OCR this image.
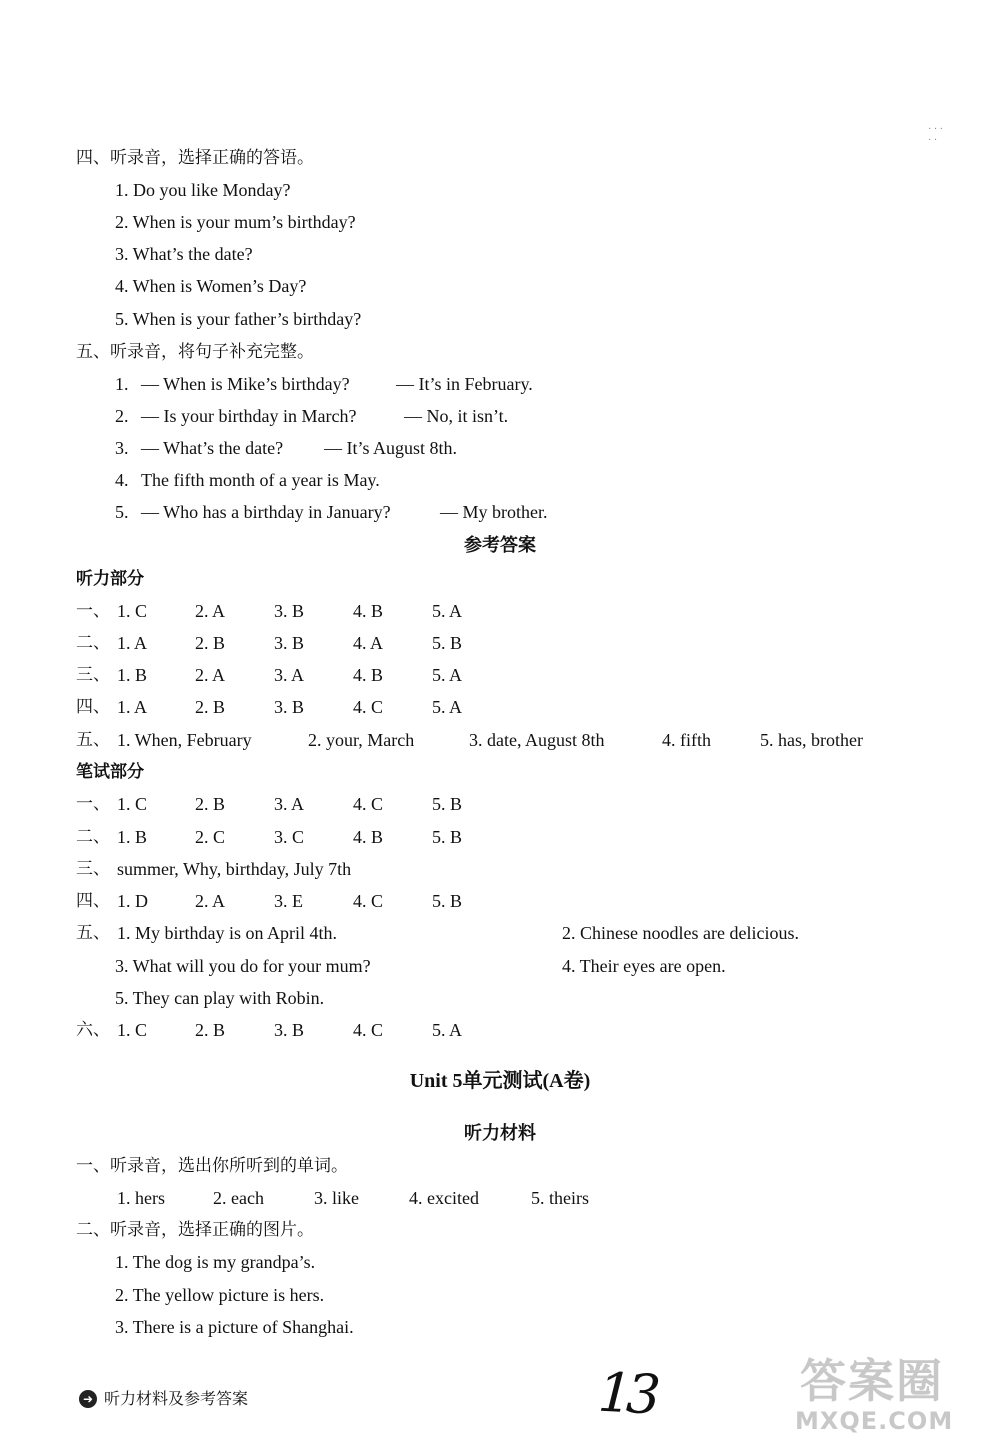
· · ·
· ·
四、听录音，选择正确的答语。
1. Do you like Monday?
2. When is your mum’s birthday?
3. What’s the date?
4. When is Women’s Day?
5. When is your father’s birthday?
五、听录音，将句子补充完整。
1. — When is Mike’s birthday?	— It’s in February.
2. — Is your birthday in March?	— No, it isn’t.
3. — What’s the date? — It’s August 8th.
4. The fifth month of a year is May.
5. — Who has a birthday in January?	— My brother.
参考答案
听力部分
一、 1. C	2. A	3. B	4. B	5. A
二、 1. A	2. B	3. B	4. A	5. B
三、 1. B	2. A	3. A	4. B	5. A
四、 1. A	2. B	3. B	4. C	5. A
五、 1. When, February	2. your, March	3. date, August 8th	4. fifth	5. has, brother
笔试部分
一、 1. C	2. B	3. A	4. C	5. B
二、 1. B	2. C	3. C	4. B	5. B
三、 summer, Why, birthday, July 7th
四、 1. D	2. A	3. E	4. C	5. B
五、 1. My birthday is on April 4th.	2. Chinese noodles are delicious.
3. What will you do for your mum?	4. Their eyes are open.
5. They can play with Robin.
六、 1. C	2. B	3. B	4. C	5. A
Unit 5单元测试(A卷)
听力材料
一、听录音，选出你所听到的单词。
1. hers	2. each	3. like	4. excited	5. theirs
二、听录音，选择正确的图片。
1. The dog is my grandpa’s.
2. The yellow picture is hers.
3. There is a picture of Shanghai.
➜ 听力材料及参考答案	13	答案圈
MXQE.COM
